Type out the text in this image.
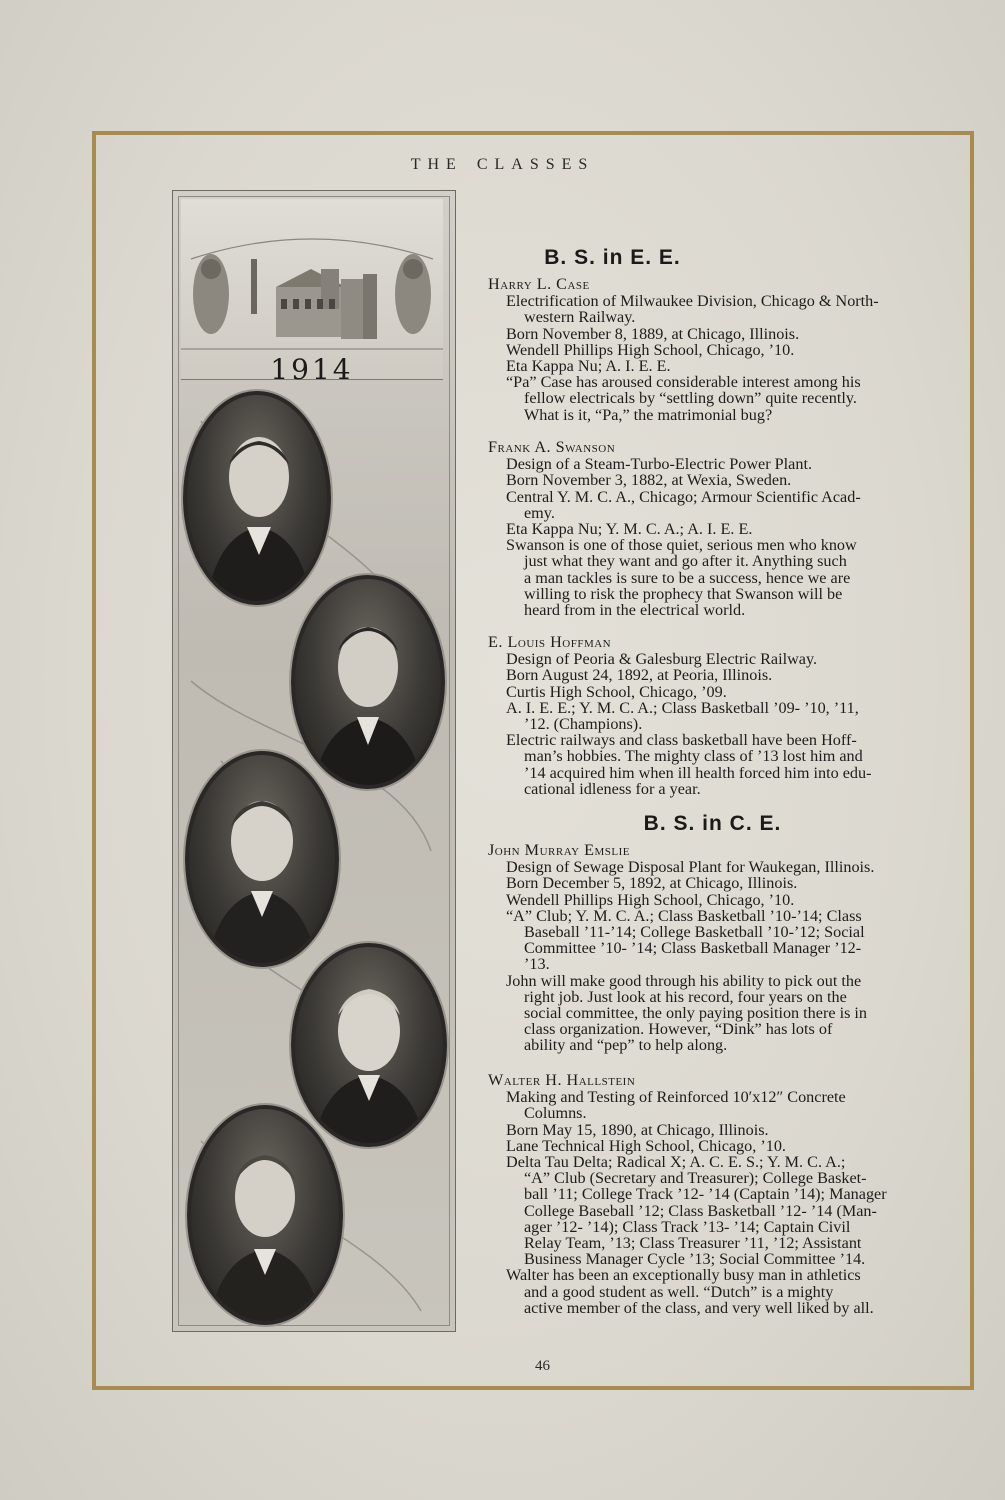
THE CLASSES
1914
B. S. in E. E.
Harry L. Case
Electrification of Milwaukee Division, Chicago & North-
western Railway.
Born November 8, 1889, at Chicago, Illinois.
Wendell Phillips High School, Chicago, ’10.
Eta Kappa Nu; A. I. E. E.
“Pa” Case has aroused considerable interest among his
fellow electricals by “settling down” quite recently.
What is it, “Pa,” the matrimonial bug?
Frank A. Swanson
Design of a Steam-Turbo-Electric Power Plant.
Born November 3, 1882, at Wexia, Sweden.
Central Y. M. C. A., Chicago; Armour Scientific Acad-
emy.
Eta Kappa Nu; Y. M. C. A.; A. I. E. E.
Swanson is one of those quiet, serious men who know
just what they want and go after it. Anything such
a man tackles is sure to be a success, hence we are
willing to risk the prophecy that Swanson will be
heard from in the electrical world.
E. Louis Hoffman
Design of Peoria & Galesburg Electric Railway.
Born August 24, 1892, at Peoria, Illinois.
Curtis High School, Chicago, ’09.
A. I. E. E.; Y. M. C. A.; Class Basketball ’09- ’10, ’11,
’12. (Champions).
Electric railways and class basketball have been Hoff-
man’s hobbies. The mighty class of ’13 lost him and
’14 acquired him when ill health forced him into edu-
cational idleness for a year.
B. S. in C. E.
John Murray Emslie
Design of Sewage Disposal Plant for Waukegan, Illinois.
Born December 5, 1892, at Chicago, Illinois.
Wendell Phillips High School, Chicago, ’10.
“A” Club; Y. M. C. A.; Class Basketball ’10-’14; Class
Baseball ’11-’14; College Basketball ’10-’12; Social
Committee ’10- ’14; Class Basketball Manager ’12-
’13.
John will make good through his ability to pick out the
right job. Just look at his record, four years on the
social committee, the only paying position there is in
class organization. However, “Dink” has lots of
ability and “pep” to help along.
Walter H. Hallstein
Making and Testing of Reinforced 10′x12″ Concrete
Columns.
Born May 15, 1890, at Chicago, Illinois.
Lane Technical High School, Chicago, ’10.
Delta Tau Delta; Radical X; A. C. E. S.; Y. M. C. A.;
“A” Club (Secretary and Treasurer); College Basket-
ball ’11; College Track ’12- ’14 (Captain ’14); Manager
College Baseball ’12; Class Basketball ’12- ’14 (Man-
ager ’12- ’14); Class Track ’13- ’14; Captain Civil
Relay Team, ’13; Class Treasurer ’11, ’12; Assistant
Business Manager Cycle ’13; Social Committee ’14.
Walter has been an exceptionally busy man in athletics
and a good student as well. “Dutch” is a mighty
active member of the class, and very well liked by all.
46
